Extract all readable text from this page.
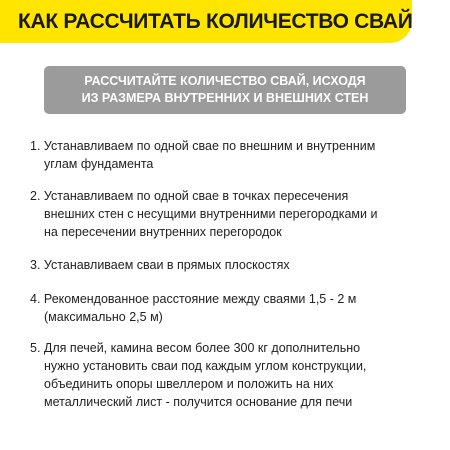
КАК РАССЧИТАТЬ КОЛИЧЕСТВО СВАЙ
РАССЧИТАЙТЕ КОЛИЧЕСТВО СВАЙ, ИСХОДЯ
ИЗ РАЗМЕРА ВНУТРЕННИХ И ВНЕШНИХ СТЕН
1. Устанавливаем по одной сваe по внешним и внутренним
углам фундамента
2. Устанавливаем по одной свае в точках пересечения
внешних стен с несущими внутренними перегородками и
на пересечении внутренних перегородок
3. Устанавливаем сваи в прямых плоскостях
4. Рекомендованное расстояние между сваями 1,5 - 2 м
(максимально 2,5 м)
5. Для печей, камина весом более 300 кг дополнительно
нужно установить сваи под каждым углом конструкции,
объединить опоры швеллером и положить на них
металлический лист - получится основание для печи
